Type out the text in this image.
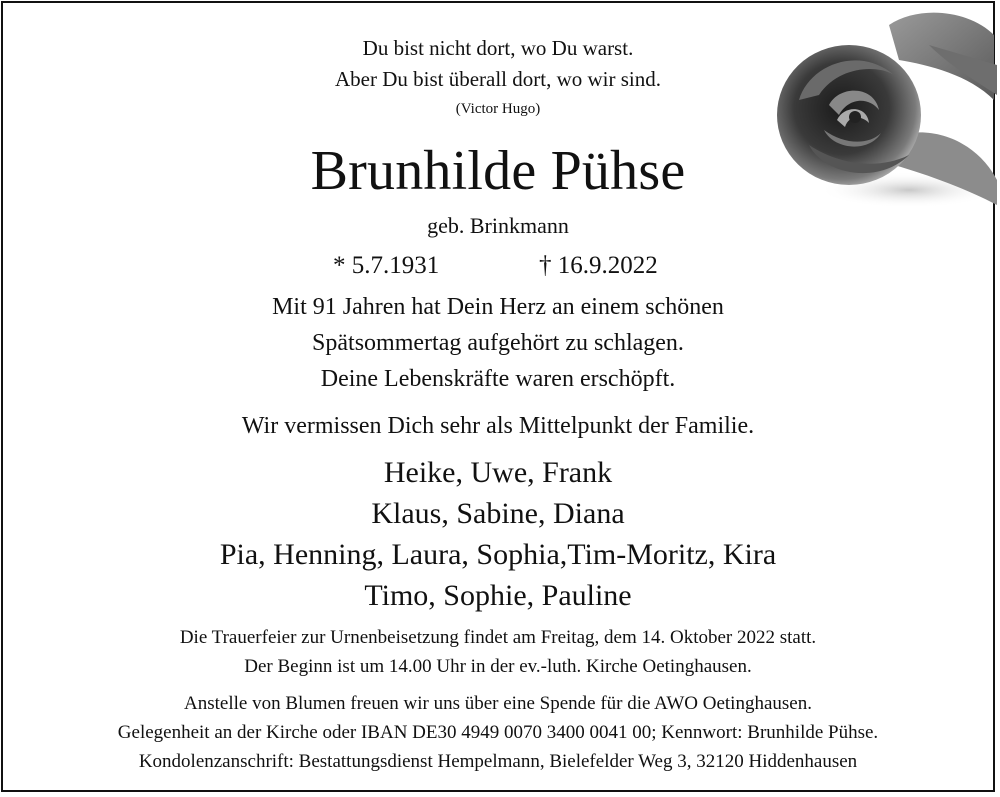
Du bist nicht dort, wo Du warst.
Aber Du bist überall dort, wo wir sind.
(Victor Hugo)
Brunhilde Pühse
geb. Brinkmann
* 5.7.1931	† 16.9.2022
Mit 91 Jahren hat Dein Herz an einem schönen
Spätsommertag aufgehört zu schlagen.
Deine Lebenskräfte waren erschöpft.
Wir vermissen Dich sehr als Mittelpunkt der Familie.
Heike, Uwe, Frank
Klaus, Sabine, Diana
Pia, Henning, Laura, Sophia,Tim-Moritz, Kira
Timo, Sophie, Pauline
Die Trauerfeier zur Urnenbeisetzung findet am Freitag, dem 14. Oktober 2022 statt.
Der Beginn ist um 14.00 Uhr in der ev.-luth. Kirche Oetinghausen.
Anstelle von Blumen freuen wir uns über eine Spende für die AWO Oetinghausen.
Gelegenheit an der Kirche oder IBAN DE30 4949 0070 3400 0041 00; Kennwort: Brunhilde Pühse.
Kondolenzanschrift: Bestattungsdienst Hempelmann, Bielefelder Weg 3, 32120 Hiddenhausen
